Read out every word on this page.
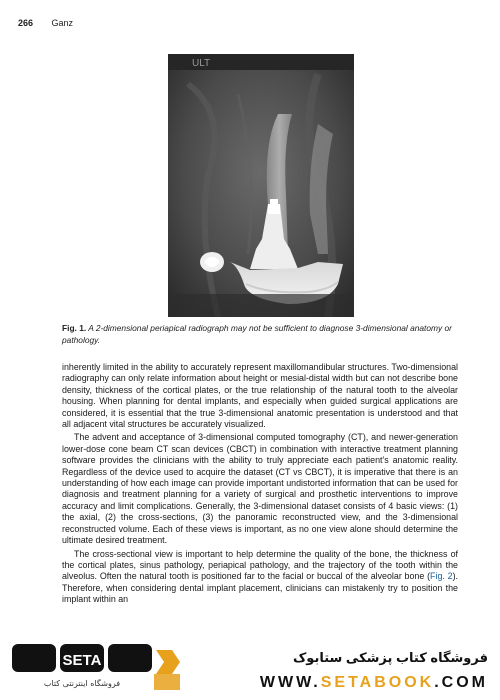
266 Ganz
ULT
Fig. 1. A 2-dimensional periapical radiograph may not be sufficient to diagnose 3-dimensional anatomy or pathology.

inherently limited in the ability to accurately represent maxillomandibular structures. Two-dimensional radiography can only relate information about height or mesial-distal width but can not describe bone density, thickness of the cortical plates, or the true relationship of the natural tooth to the alveolar housing. When planning for dental implants, and especially when guided surgical applications are considered, it is essential that the true 3-dimensional anatomic presentation is understood and that all adjacent vital structures be accurately visualized.

The advent and acceptance of 3-dimensional computed tomography (CT), and newer-generation lower-dose cone beam CT scan devices (CBCT) in combination with interactive treatment planning software provides the clinicians with the ability to truly appreciate each patient’s anatomic reality. Regardless of the device used to acquire the dataset (CT vs CBCT), it is imperative that there is an understanding of how each image can provide important undistorted information that can be used for diagnosis and treatment planning for a variety of surgical and prosthetic interventions to improve accuracy and limit complications. Generally, the 3-dimensional dataset consists of 4 basic views: (1) the axial, (2) the cross-sections, (3) the panoramic reconstructed view, and the 3-dimensional reconstructed volume. Each of these views is important, as no one view alone should determine the ultimate desired treatment.

The cross-sectional view is important to help determine the quality of the bone, the thickness of the cortical plates, sinus pathology, periapical pathology, and the trajectory of the tooth within the alveolus. Often the natural tooth is positioned far to the facial or buccal of the alveolar bone (Fig. 2). Therefore, when considering dental implant placement, clinicians can mistakenly try to position the implant within an

SETA
فروشگاه اینترنتی کتاب
فروشگاه کتاب پزشکی ستابوک
WWW.SETABOOK.COM
